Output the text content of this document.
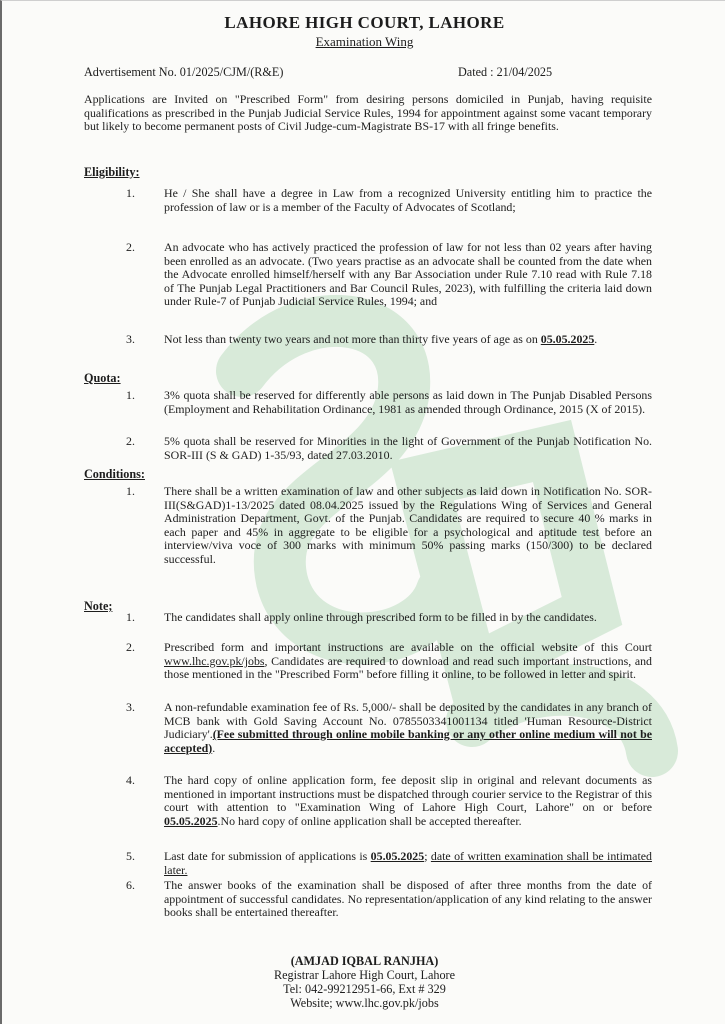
LAHORE HIGH COURT, LAHORE
Examination Wing
Advertisement No. 01/2025/CJM/(R&E)	Dated : 21/04/2025
Applications are Invited on "Prescribed Form" from desiring persons domiciled in Punjab, having requisite qualifications as prescribed in the Punjab Judicial Service Rules, 1994 for appointment against some vacant temporary but likely to become permanent posts of Civil Judge-cum-Magistrate BS-17 with all fringe benefits.
Eligibility:
1. He / She shall have a degree in Law from a recognized University entitling him to practice the profession of law or is a member of the Faculty of Advocates of Scotland;
2. An advocate who has actively practiced the profession of law for not less than 02 years after having been enrolled as an advocate. (Two years practise as an advocate shall be counted from the date when the Advocate enrolled himself/herself with any Bar Association under Rule 7.10 read with Rule 7.18 of The Punjab Legal Practitioners and Bar Council Rules, 2023), with fulfilling the criteria laid down under Rule-7 of Punjab Judicial Service Rules, 1994; and
3. Not less than twenty two years and not more than thirty five years of age as on 05.05.2025.
Quota:
1. 3% quota shall be reserved for differently able persons as laid down in The Punjab Disabled Persons (Employment and Rehabilitation Ordinance, 1981 as amended through Ordinance, 2015 (X of 2015).
2. 5% quota shall be reserved for Minorities in the light of Government of the Punjab Notification No. SOR-III (S & GAD) 1-35/93, dated 27.03.2010.
Conditions:
1. There shall be a written examination of law and other subjects as laid down in Notification No. SOR-III(S&GAD)1-13/2025 dated 08.04.2025 issued by the Regulations Wing of Services and General Administration Department, Govt. of the Punjab. Candidates are required to secure 40 % marks in each paper and 45% in aggregate to be eligible for a psychological and aptitude test before an interview/viva voce of 300 marks with minimum 50% passing marks (150/300) to be declared successful.
Note;
1. The candidates shall apply online through prescribed form to be filled in by the candidates.
2. Prescribed form and important instructions are available on the official website of this Court www.lhc.gov.pk/jobs, Candidates are required to download and read such important instructions, and those mentioned in the "Prescribed Form" before filling it online, to be followed in letter and spirit.
3. A non-refundable examination fee of Rs. 5,000/- shall be deposited by the candidates in any branch of MCB bank with Gold Saving Account No. 0785503341001134 titled 'Human Resource-District Judiciary'.(Fee submitted through online mobile banking or any other online medium will not be accepted).
4. The hard copy of online application form, fee deposit slip in original and relevant documents as mentioned in important instructions must be dispatched through courier service to the Registrar of this court with attention to "Examination Wing of Lahore High Court, Lahore" on or before 05.05.2025.No hard copy of online application shall be accepted thereafter.
5. Last date for submission of applications is 05.05.2025; date of written examination shall be intimated later.
6. The answer books of the examination shall be disposed of after three months from the date of appointment of successful candidates. No representation/application of any kind relating to the answer books shall be entertained thereafter.
(AMJAD IQBAL RANJHA)
Registrar Lahore High Court, Lahore
Tel: 042-99212951-66, Ext # 329
Website; www.lhc.gov.pk/jobs
